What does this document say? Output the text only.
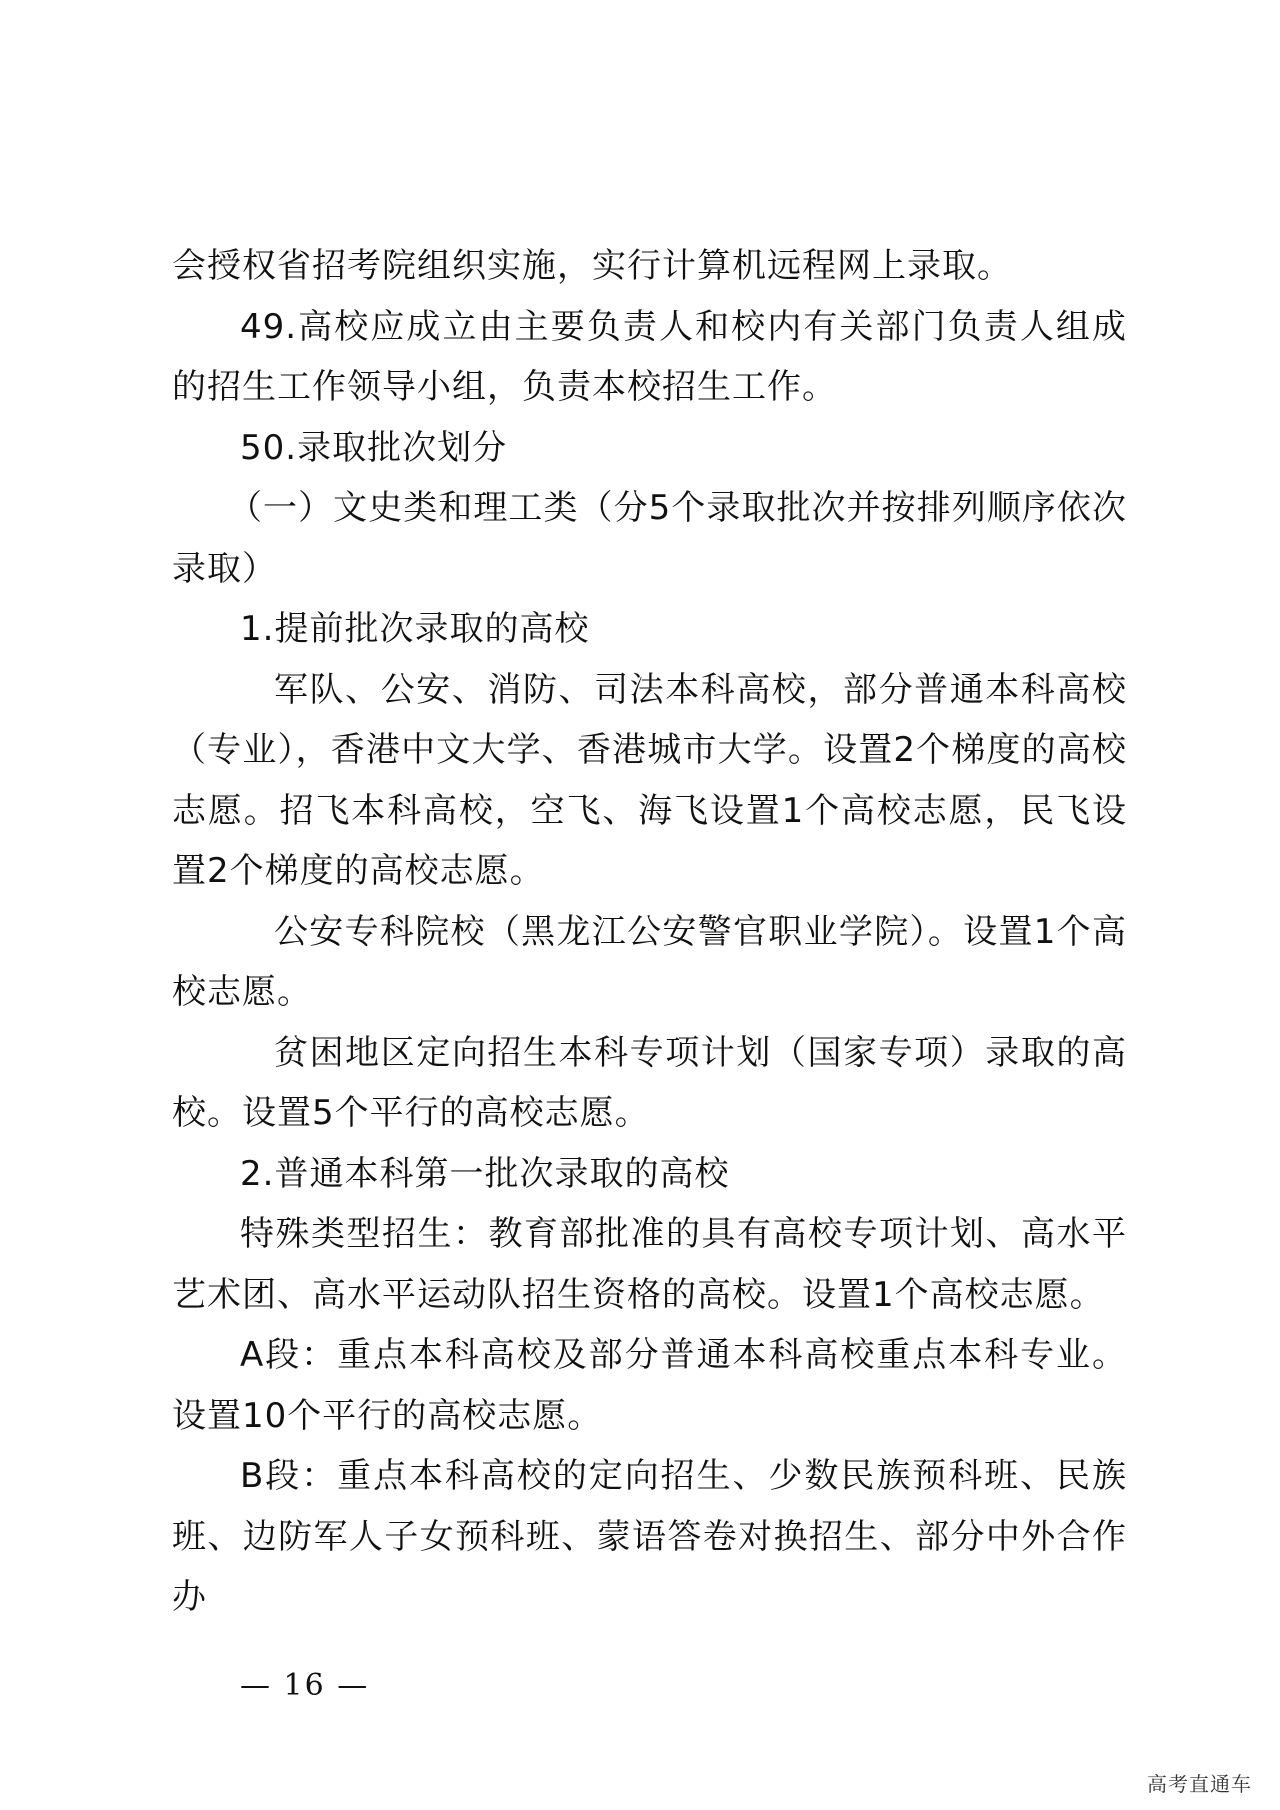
会授权省招考院组织实施，实行计算机远程网上录取。

49.高校应成立由主要负责人和校内有关部门负责人组成的招生工作领导小组，负责本校招生工作。

50.录取批次划分

（一）文史类和理工类（分5个录取批次并按排列顺序依次录取）

1.提前批次录取的高校

军队、公安、消防、司法本科高校，部分普通本科高校（专业），香港中文大学、香港城市大学。设置2个梯度的高校志愿。招飞本科高校，空飞、海飞设置1个高校志愿，民飞设置2个梯度的高校志愿。

公安专科院校（黑龙江公安警官职业学院）。设置1个高校志愿。

贫困地区定向招生本科专项计划（国家专项）录取的高校。设置5个平行的高校志愿。

2.普通本科第一批次录取的高校

特殊类型招生：教育部批准的具有高校专项计划、高水平艺术团、高水平运动队招生资格的高校。设置1个高校志愿。

A段：重点本科高校及部分普通本科高校重点本科专业。设置10个平行的高校志愿。

B段：重点本科高校的定向招生、少数民族预科班、民族班、边防军人子女预科班、蒙语答卷对换招生、部分中外合作办

— 16 —
高考直通车
